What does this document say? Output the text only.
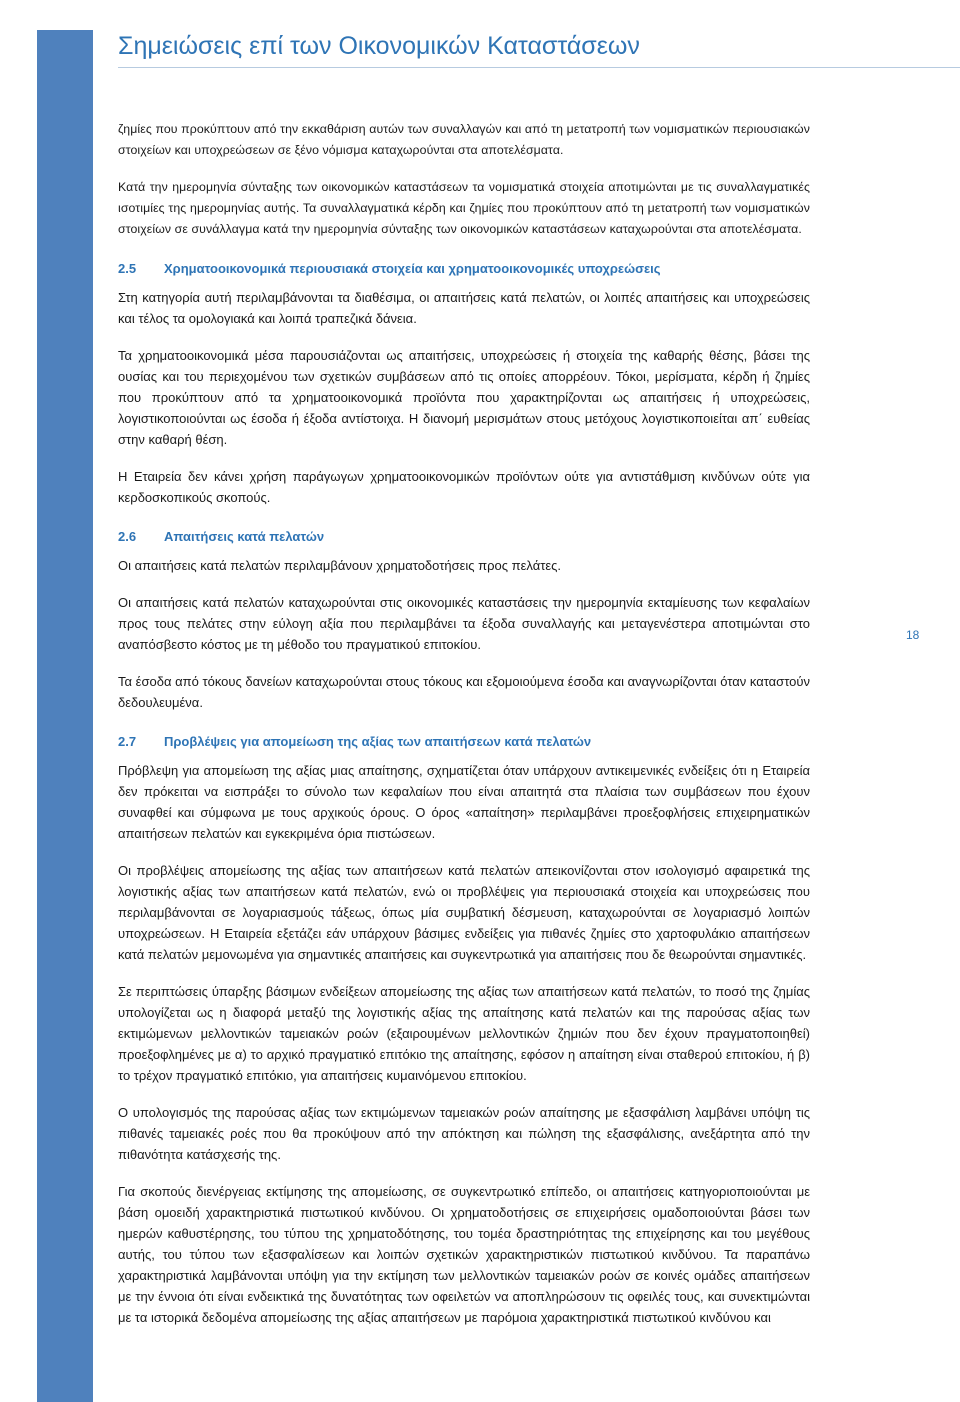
Σημειώσεις επί των Οικονομικών Καταστάσεων
18

ζημίες που προκύπτουν από την εκκαθάριση αυτών των συναλλαγών και από τη μετατροπή των νομισματικών περιουσιακών στοιχείων και υποχρεώσεων σε ξένο νόμισμα καταχωρούνται στα αποτελέσματα.

Κατά την ημερομηνία σύνταξης των οικονομικών καταστάσεων τα νομισματικά στοιχεία αποτιμώνται με τις συναλλαγματικές ισοτιμίες της ημερομηνίας αυτής. Τα συναλλαγματικά κέρδη και ζημίες που προκύπτουν από τη μετατροπή των νομισματικών στοιχείων σε συνάλλαγμα κατά την ημερομηνία σύνταξης των οικονομικών καταστάσεων καταχωρούνται στα αποτελέσματα.

2.5 Χρηματοοικονομικά περιουσιακά στοιχεία και χρηματοοικονομικές υποχρεώσεις

Στη κατηγορία αυτή περιλαμβάνονται τα διαθέσιμα, οι απαιτήσεις κατά πελατών, οι λοιπές απαιτήσεις και υποχρεώσεις και τέλος τα ομολογιακά και λοιπά τραπεζικά δάνεια.

Τα χρηματοοικονομικά μέσα παρουσιάζονται ως απαιτήσεις, υποχρεώσεις ή στοιχεία της καθαρής θέσης, βάσει της ουσίας και του περιεχομένου των σχετικών συμβάσεων από τις οποίες απορρέουν. Τόκοι, μερίσματα, κέρδη ή ζημίες που προκύπτουν από τα χρηματοοικονομικά προϊόντα που χαρακτηρίζονται ως απαιτήσεις ή υποχρεώσεις, λογιστικοποιούνται ως έσοδα ή έξοδα αντίστοιχα. Η διανομή μερισμάτων στους μετόχους λογιστικοποιείται απ΄ ευθείας στην καθαρή θέση.

Η Εταιρεία δεν κάνει χρήση παράγωγων χρηματοοικονομικών προϊόντων ούτε για αντιστάθμιση κινδύνων ούτε για κερδοσκοπικούς σκοπούς.

2.6 Απαιτήσεις κατά πελατών

Οι απαιτήσεις κατά πελατών περιλαμβάνουν χρηματοδοτήσεις προς πελάτες.

Οι απαιτήσεις κατά πελατών καταχωρούνται στις οικονομικές καταστάσεις την ημερομηνία εκταμίευσης των κεφαλαίων προς τους πελάτες στην εύλογη αξία που περιλαμβάνει τα έξοδα συναλλαγής και μεταγενέστερα αποτιμώνται στο αναπόσβεστο κόστος με τη μέθοδο του πραγματικού επιτοκίου.

Τα έσοδα από τόκους δανείων καταχωρούνται στους τόκους και εξομοιούμενα έσοδα και αναγνωρίζονται όταν καταστούν δεδουλευμένα.

2.7 Προβλέψεις για απομείωση της αξίας των απαιτήσεων κατά πελατών

Πρόβλεψη για απομείωση της αξίας μιας απαίτησης, σχηματίζεται όταν υπάρχουν αντικειμενικές ενδείξεις ότι η Εταιρεία δεν πρόκειται να εισπράξει το σύνολο των κεφαλαίων που είναι απαιτητά στα πλαίσια των συμβάσεων που έχουν συναφθεί και σύμφωνα με τους αρχικούς όρους. Ο όρος «απαίτηση» περιλαμβάνει προεξοφλήσεις επιχειρηματικών απαιτήσεων πελατών και εγκεκριμένα όρια πιστώσεων.

Οι προβλέψεις απομείωσης της αξίας των απαιτήσεων κατά πελατών απεικονίζονται στον ισολογισμό αφαιρετικά της λογιστικής αξίας των απαιτήσεων κατά πελατών, ενώ οι προβλέψεις για περιουσιακά στοιχεία και υποχρεώσεις που περιλαμβάνονται σε λογαριασμούς τάξεως, όπως μία συμβατική δέσμευση, καταχωρούνται σε λογαριασμό λοιπών υποχρεώσεων. Η Εταιρεία εξετάζει εάν υπάρχουν βάσιμες ενδείξεις για πιθανές ζημίες στο χαρτοφυλάκιο απαιτήσεων κατά πελατών μεμονωμένα για σημαντικές απαιτήσεις και συγκεντρωτικά για απαιτήσεις που δε θεωρούνται σημαντικές.

Σε περιπτώσεις ύπαρξης βάσιμων ενδείξεων απομείωσης της αξίας των απαιτήσεων κατά πελατών, το ποσό της ζημίας υπολογίζεται ως η διαφορά μεταξύ της λογιστικής αξίας της απαίτησης κατά πελατών και της παρούσας αξίας των εκτιμώμενων μελλοντικών ταμειακών ροών (εξαιρουμένων μελλοντικών ζημιών που δεν έχουν πραγματοποιηθεί) προεξοφλημένες με α) το αρχικό πραγματικό επιτόκιο της απαίτησης, εφόσον η απαίτηση είναι σταθερού επιτοκίου, ή β) το τρέχον πραγματικό επιτόκιο, για απαιτήσεις κυμαινόμενου επιτοκίου.

Ο υπολογισμός της παρούσας αξίας των εκτιμώμενων ταμειακών ροών απαίτησης με εξασφάλιση λαμβάνει υπόψη τις πιθανές ταμειακές ροές που θα προκύψουν από την απόκτηση και πώληση της εξασφάλισης, ανεξάρτητα από την πιθανότητα κατάσχεσής της.

Για σκοπούς διενέργειας εκτίμησης της απομείωσης, σε συγκεντρωτικό επίπεδο, οι απαιτήσεις κατηγοριοποιούνται με βάση ομοειδή χαρακτηριστικά πιστωτικού κινδύνου. Οι χρηματοδοτήσεις σε επιχειρήσεις ομαδοποιούνται βάσει των ημερών καθυστέρησης, του τύπου της χρηματοδότησης, του τομέα δραστηριότητας της επιχείρησης και του μεγέθους αυτής, του τύπου των εξασφαλίσεων και λοιπών σχετικών χαρακτηριστικών πιστωτικού κινδύνου. Τα παραπάνω χαρακτηριστικά λαμβάνονται υπόψη για την εκτίμηση των μελλοντικών ταμειακών ροών σε κοινές ομάδες απαιτήσεων με την έννοια ότι είναι ενδεικτικά της δυνατότητας των οφειλετών να αποπληρώσουν τις οφειλές τους, και συνεκτιμώνται με τα ιστορικά δεδομένα απομείωσης της αξίας απαιτήσεων με παρόμοια χαρακτηριστικά πιστωτικού κινδύνου και
